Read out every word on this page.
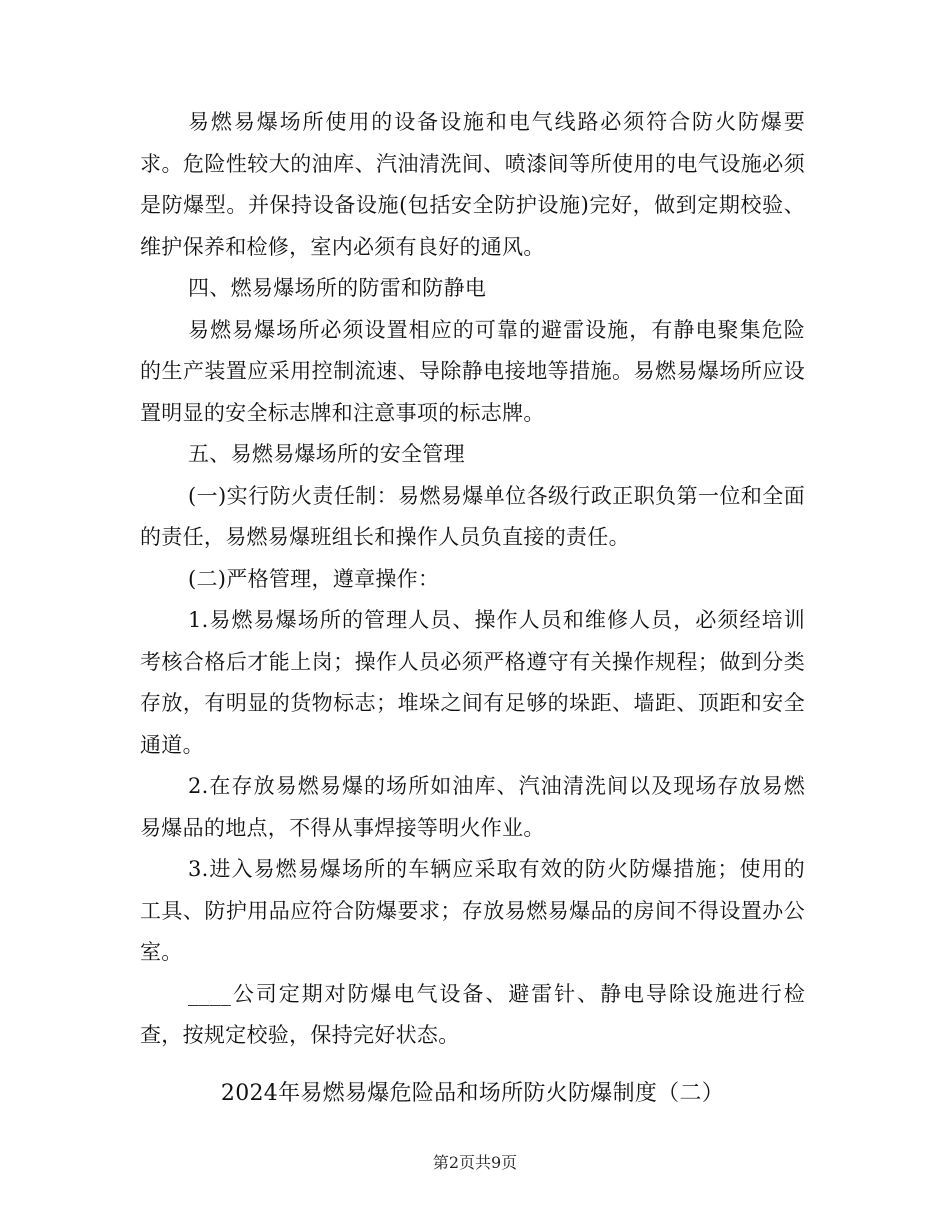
易燃易爆场所使用的设备设施和电气线路必须符合防火防爆要求。危险性较大的油库、汽油清洗间、喷漆间等所使用的电气设施必须是防爆型。并保持设备设施(包括安全防护设施)完好，做到定期校验、维护保养和检修，室内必须有良好的通风。

四、燃易爆场所的防雷和防静电

易燃易爆场所必须设置相应的可靠的避雷设施，有静电聚集危险的生产装置应采用控制流速、导除静电接地等措施。易燃易爆场所应设置明显的安全标志牌和注意事项的标志牌。

五、易燃易爆场所的安全管理

(一)实行防火责任制：易燃易爆单位各级行政正职负第一位和全面的责任，易燃易爆班组长和操作人员负直接的责任。

(二)严格管理，遵章操作：

1.易燃易爆场所的管理人员、操作人员和维修人员，必须经培训考核合格后才能上岗；操作人员必须严格遵守有关操作规程；做到分类存放，有明显的货物标志；堆垛之间有足够的垛距、墙距、顶距和安全通道。

2.在存放易燃易爆的场所如油库、汽油清洗间以及现场存放易燃易爆品的地点，不得从事焊接等明火作业。

3.进入易燃易爆场所的车辆应采取有效的防火防爆措施；使用的工具、防护用品应符合防爆要求；存放易燃易爆品的房间不得设置办公室。

____公司定期对防爆电气设备、避雷针、静电导除设施进行检查，按规定校验，保持完好状态。

2024年易燃易爆危险品和场所防火防爆制度（二）

第2页共9页
